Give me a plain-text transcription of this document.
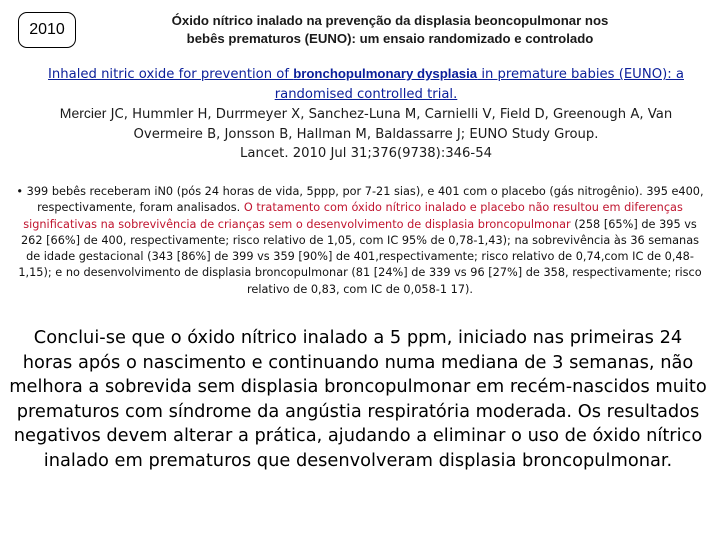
2010
Óxido nítrico inalado na prevenção da displasia beoncopulmonar nos
bebês prematuros (EUNO): um ensaio randomizado e controlado
Inhaled nitric oxide for prevention of bronchopulmonary dysplasia in premature babies (EUNO): a randomised controlled trial.
Mercier JC, Hummler H, Durrmeyer X, Sanchez-Luna M, Carnielli V, Field D, Greenough A, Van Overmeire B, Jonsson B, Hallman M, Baldassarre J; EUNO Study Group.
Lancet. 2010 Jul 31;376(9738):346-54
• 399 bebês receberam iN0 (pós 24 horas de vida, 5ppp, por 7-21 sias), e 401 com o placebo (gás nitrogênio). 395 e400, respectivamente, foram analisados. O tratamento com óxido nítrico inalado e placebo não resultou em diferenças significativas na sobrevivência de crianças sem o desenvolvimento de displasia broncopulmonar (258 [65%] de 395 vs 262 [66%] de 400, respectivamente; risco relativo de 1,05, com IC 95% de 0,78-1,43); na sobrevivência às 36 semanas de idade gestacional (343 [86%] de 399 vs 359 [90%] de 401,respectivamente; risco relativo de 0,74,com IC de 0,48-1,15); e no desenvolvimento de displasia broncopulmonar (81 [24%] de 339 vs 96 [27%] de 358, respectivamente; risco relativo de 0,83, com IC de 0,058-1 17).
Conclui-se que o óxido nítrico inalado a 5 ppm, iniciado nas primeiras 24 horas após o nascimento e continuando numa mediana de 3 semanas, não melhora a sobrevida sem displasia broncopulmonar em recém-nascidos muito prematuros com síndrome da angústia respiratória moderada. Os resultados negativos devem alterar a prática, ajudando a eliminar o uso de óxido nítrico inalado em prematuros que desenvolveram displasia broncopulmonar.
